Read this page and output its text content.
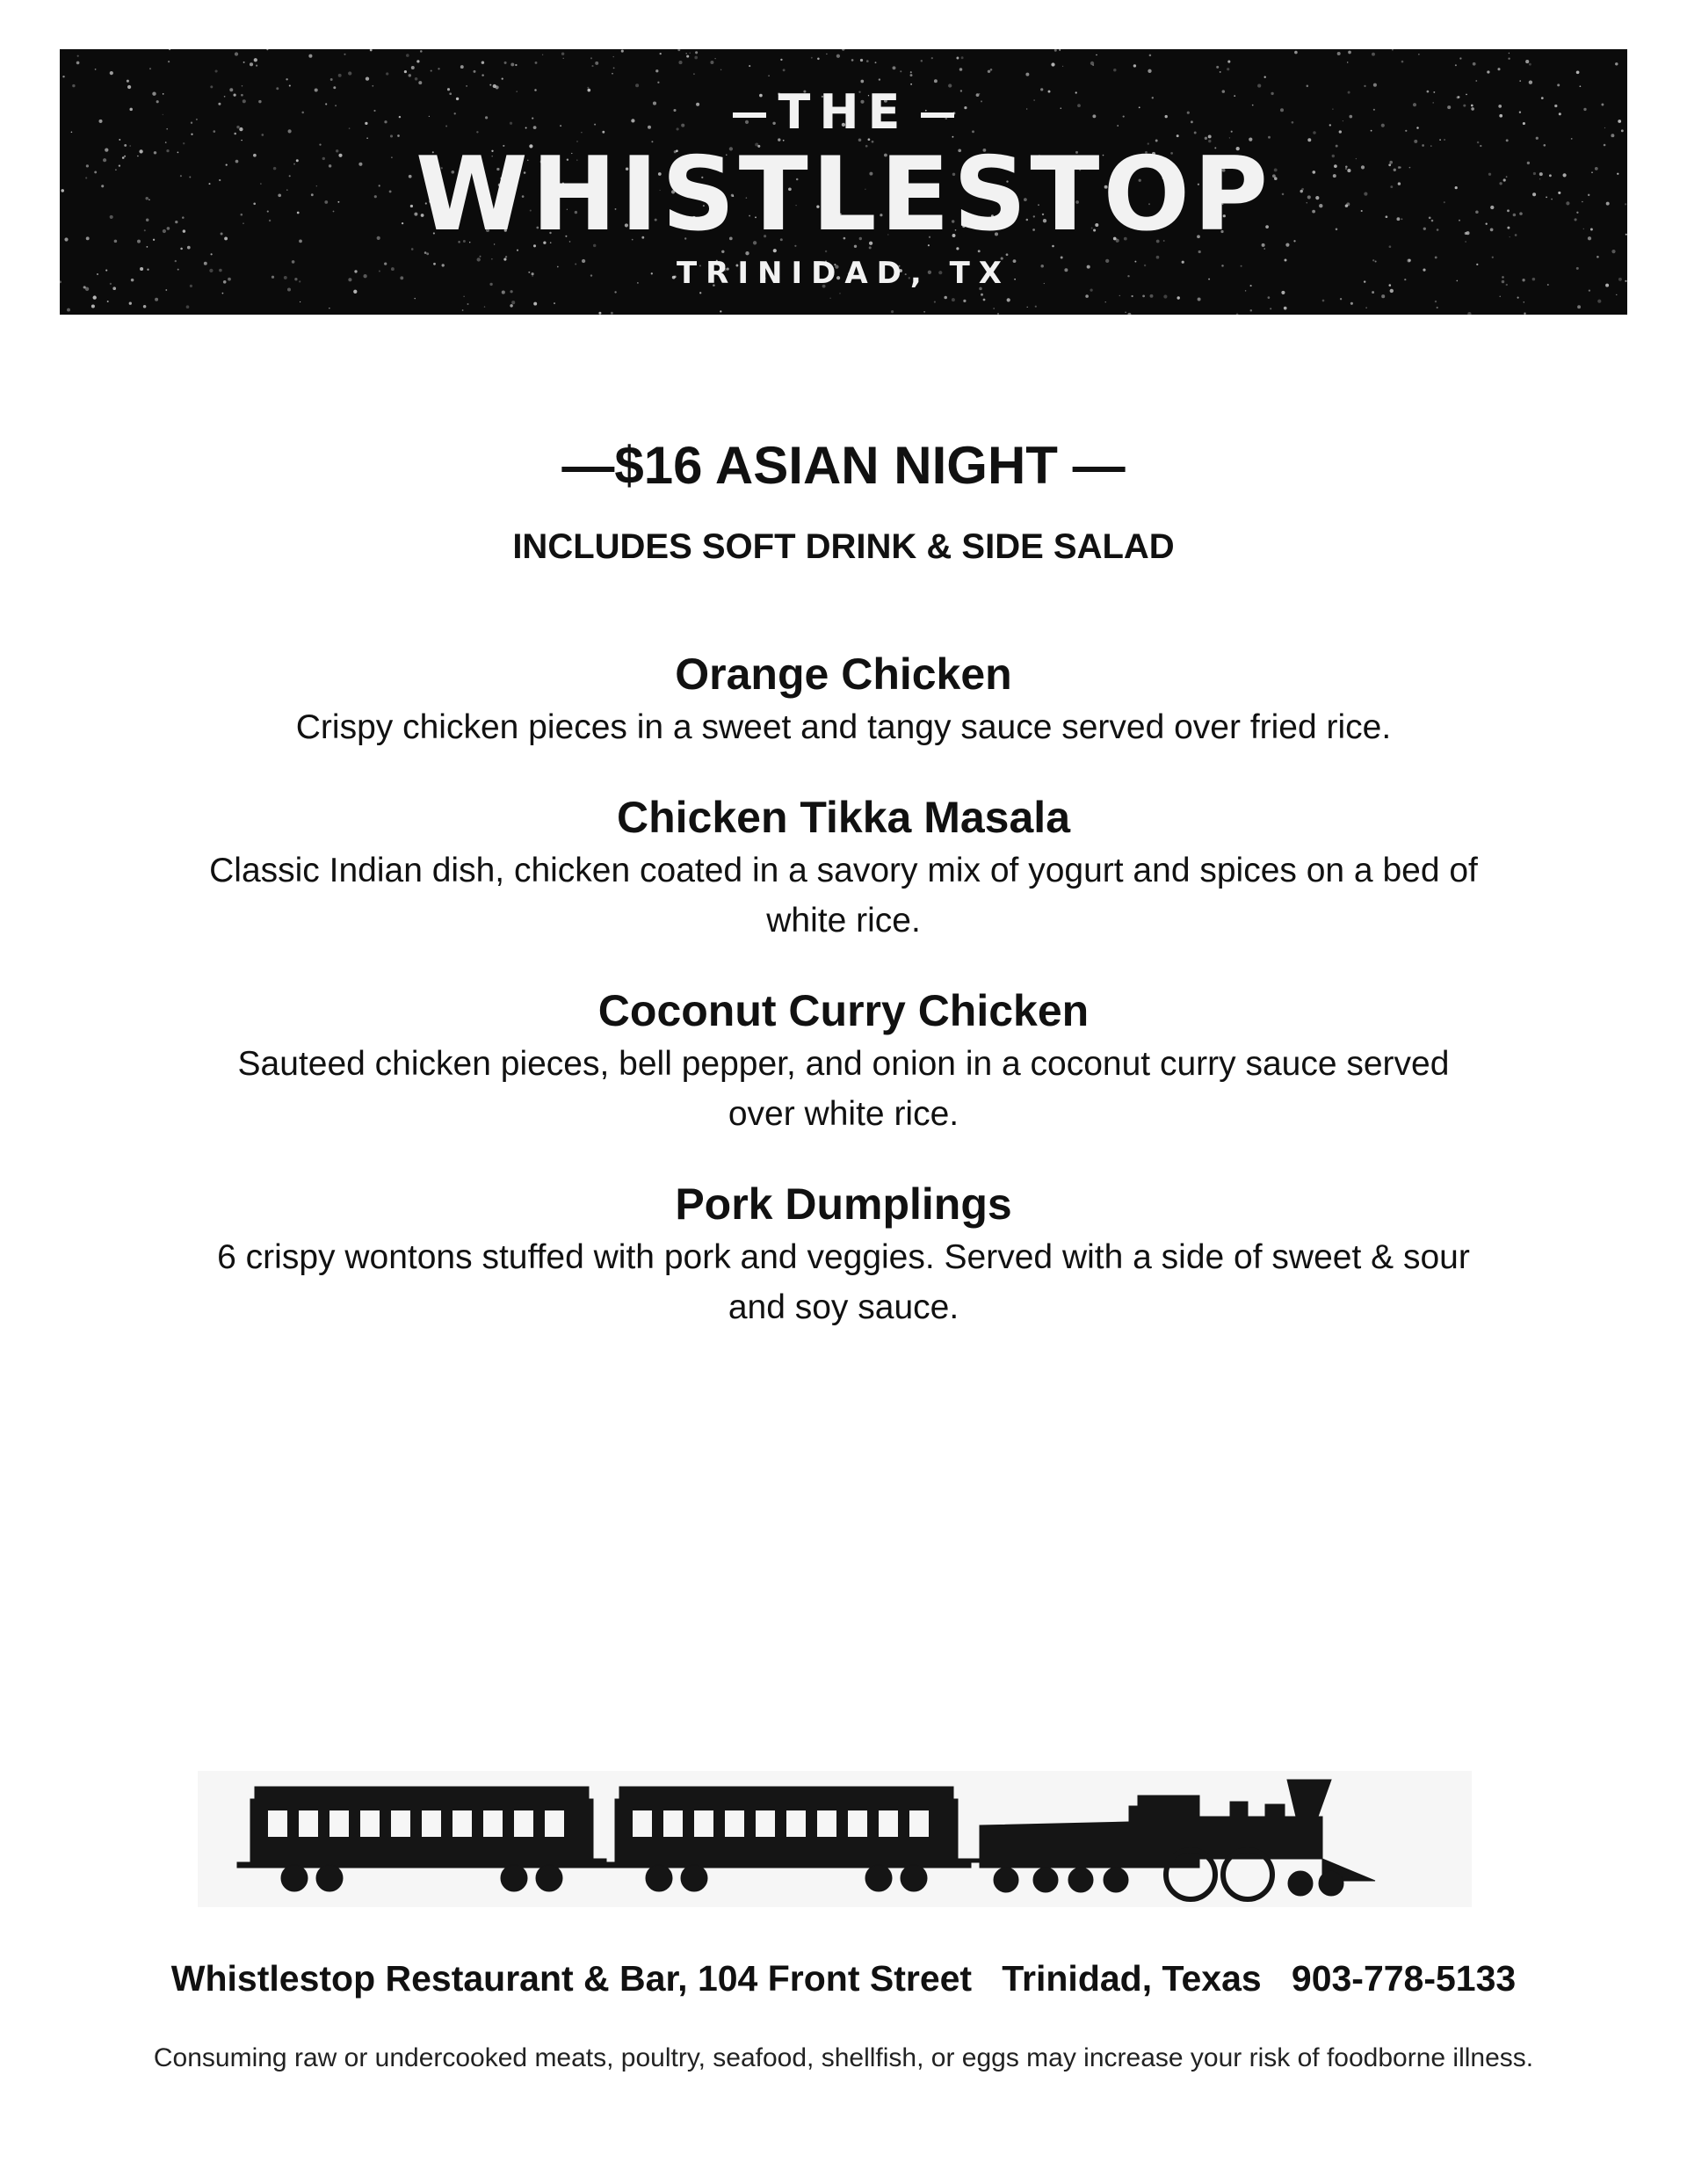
THE
WHISTLESTOP
TRINIDAD, TX
—$16 ASIAN NIGHT —
INCLUDES SOFT DRINK & SIDE SALAD
Orange Chicken
Crispy chicken pieces in a sweet and tangy sauce served over fried rice.
Chicken Tikka Masala
Classic Indian dish, chicken coated in a savory mix of yogurt and spices on a bed of white rice.
Coconut Curry Chicken
Sauteed chicken pieces, bell pepper, and onion in a coconut curry sauce served over white rice.
Pork Dumplings
6 crispy wontons stuffed with pork and veggies. Served with a side of sweet & sour and soy sauce.
Whistlestop Restaurant & Bar, 104 Front Street   Trinidad, Texas   903-778-5133
Consuming raw or undercooked meats, poultry, seafood, shellfish, or eggs may increase your risk of foodborne illness.
